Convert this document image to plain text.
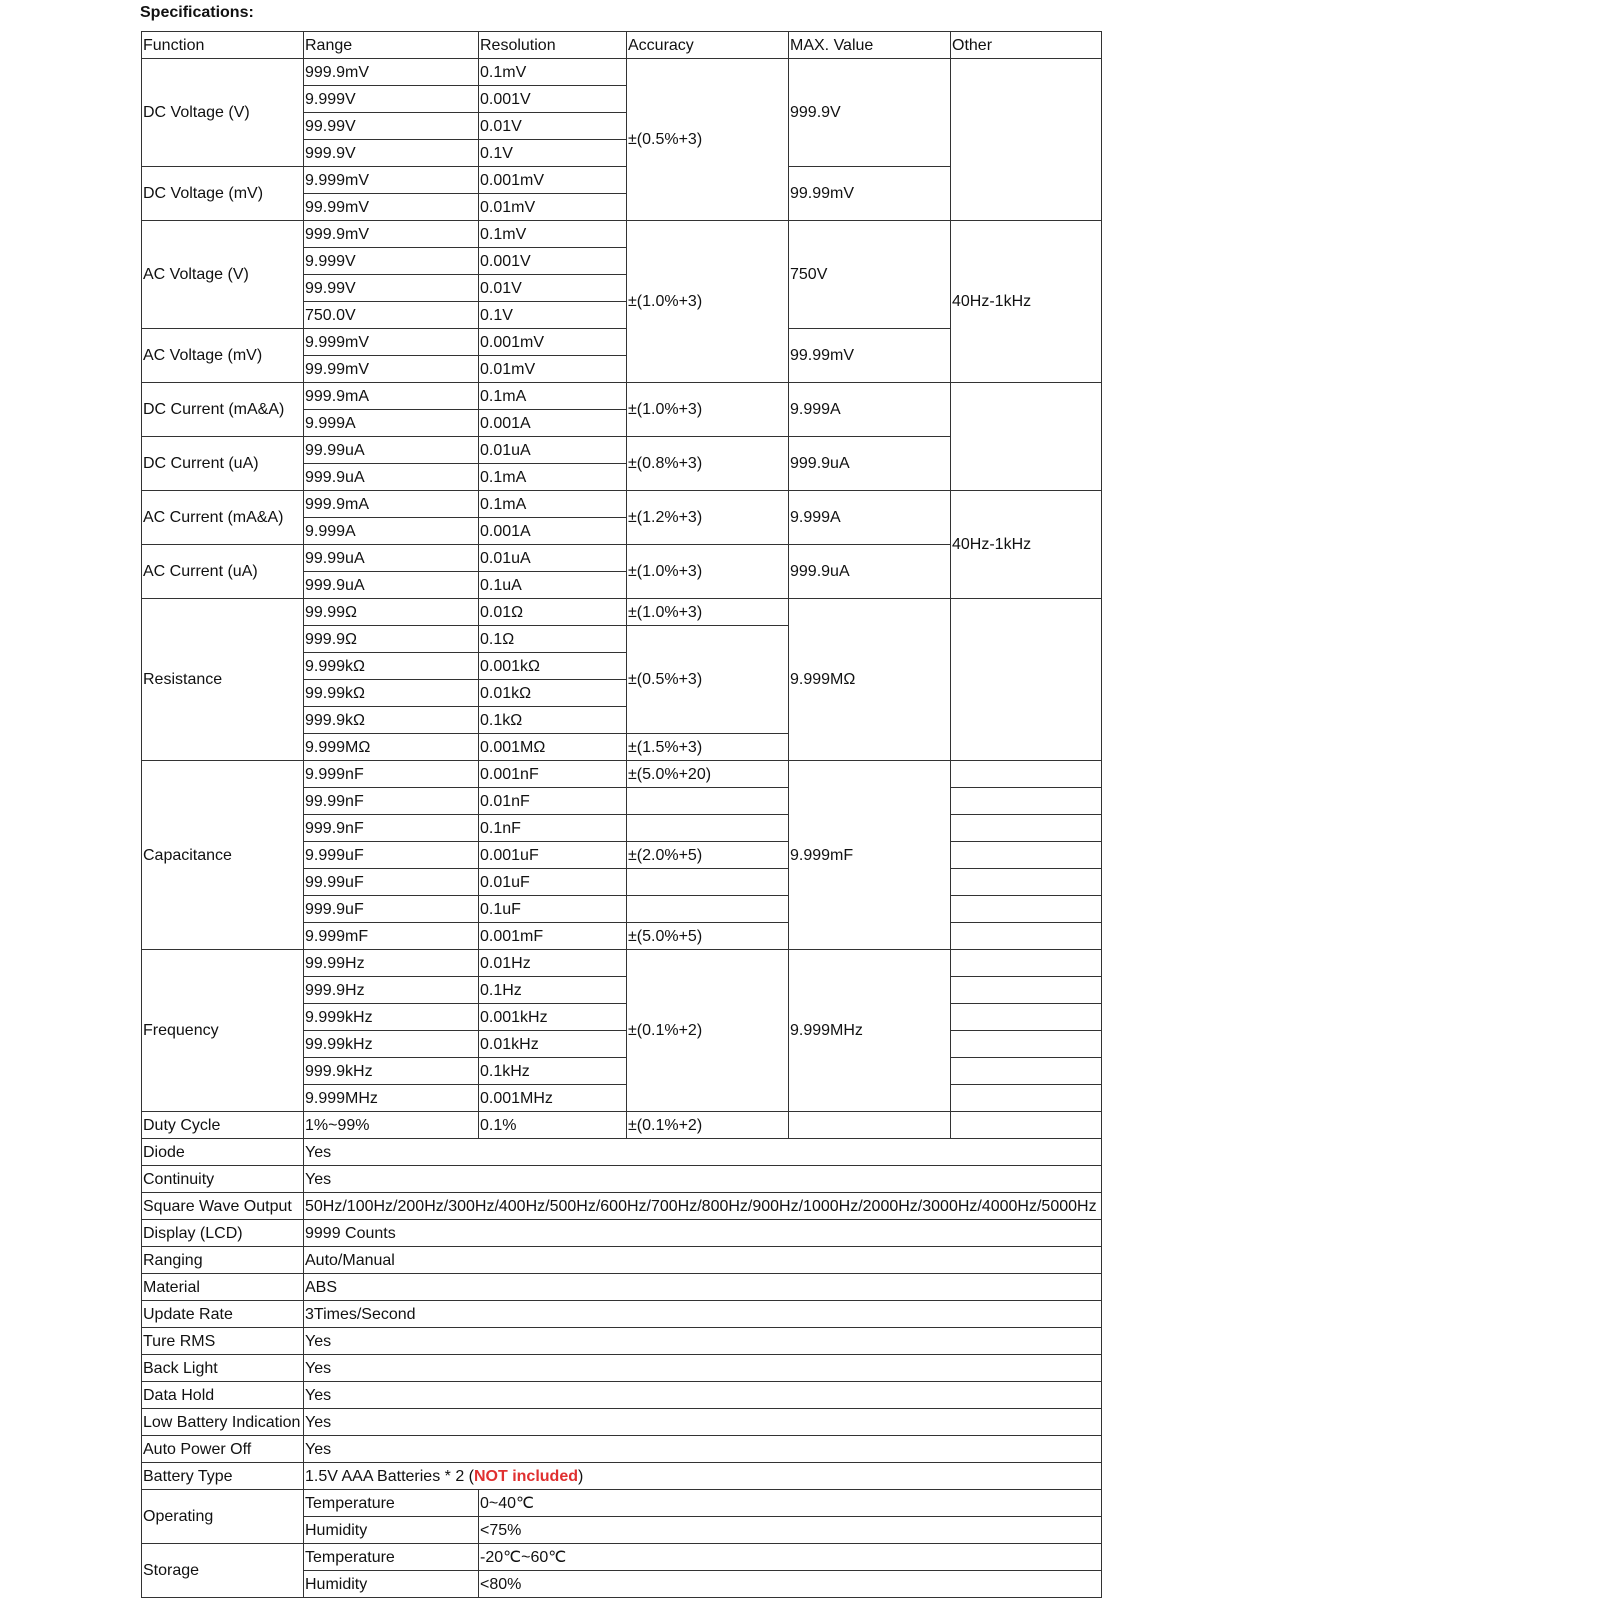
Specifications:
Function	Range	Resolution	Accuracy	MAX. Value	Other
DC Voltage (V)	999.9mV	0.1mV	±(0.5%+3)	999.9V	
	9.999V	0.001V			
	99.99V	0.01V			
	999.9V	0.1V			
DC Voltage (mV)	9.999mV	0.001mV		99.99mV	
	99.99mV	0.01mV			
AC Voltage (V)	999.9mV	0.1mV	±(1.0%+3)	750V	40Hz-1kHz
	9.999V	0.001V			
	99.99V	0.01V			
	750.0V	0.1V			
AC Voltage (mV)	9.999mV	0.001mV		99.99mV	
	99.99mV	0.01mV			
DC Current (mA&A)	999.9mA	0.1mA	±(1.0%+3)	9.999A	
	9.999A	0.001A			
DC Current (uA)	99.99uA	0.01uA	±(0.8%+3)	999.9uA	
	999.9uA	0.1mA			
AC Current (mA&A)	999.9mA	0.1mA	±(1.2%+3)	9.999A	40Hz-1kHz
	9.999A	0.001A			
AC Current (uA)	99.99uA	0.01uA	±(1.0%+3)	999.9uA	
	999.9uA	0.1uA			
Resistance	99.99Ω	0.01Ω	±(1.0%+3)	9.999MΩ	
	999.9Ω	0.1Ω	±(0.5%+3)		
	9.999kΩ	0.001kΩ			
	99.99kΩ	0.01kΩ			
	999.9kΩ	0.1kΩ			
	9.999MΩ	0.001MΩ	±(1.5%+3)		
Capacitance	9.999nF	0.001nF	±(5.0%+20)	9.999mF	
	99.99nF	0.01nF			
	999.9nF	0.1nF			
	9.999uF	0.001uF	±(2.0%+5)		
	99.99uF	0.01uF			
	999.9uF	0.1uF			
	9.999mF	0.001mF	±(5.0%+5)		
Frequency	99.99Hz	0.01Hz	±(0.1%+2)	9.999MHz	
	999.9Hz	0.1Hz			
	9.999kHz	0.001kHz			
	99.99kHz	0.01kHz			
	999.9kHz	0.1kHz			
	9.999MHz	0.001MHz			
Duty Cycle	1%~99%	0.1%	±(0.1%+2)		
Diode	Yes				
Continuity	Yes				
Square Wave Output	50Hz/100Hz/200Hz/300Hz/400Hz/500Hz/600Hz/700Hz/800Hz/900Hz/1000Hz/2000Hz/3000Hz/4000Hz/5000Hz				
Display (LCD)	9999 Counts				
Ranging	Auto/Manual				
Material	ABS				
Update Rate	3Times/Second				
Ture RMS	Yes				
Back Light	Yes				
Data Hold	Yes				
Low Battery Indication	Yes				
Auto Power Off	Yes				
Battery Type	1.5V AAA Batteries * 2 (NOT included)				
Operating	Temperature	0~40℃			
	Humidity	<75%			
Storage	Temperature	-20℃~60℃			
	Humidity	<80%			
